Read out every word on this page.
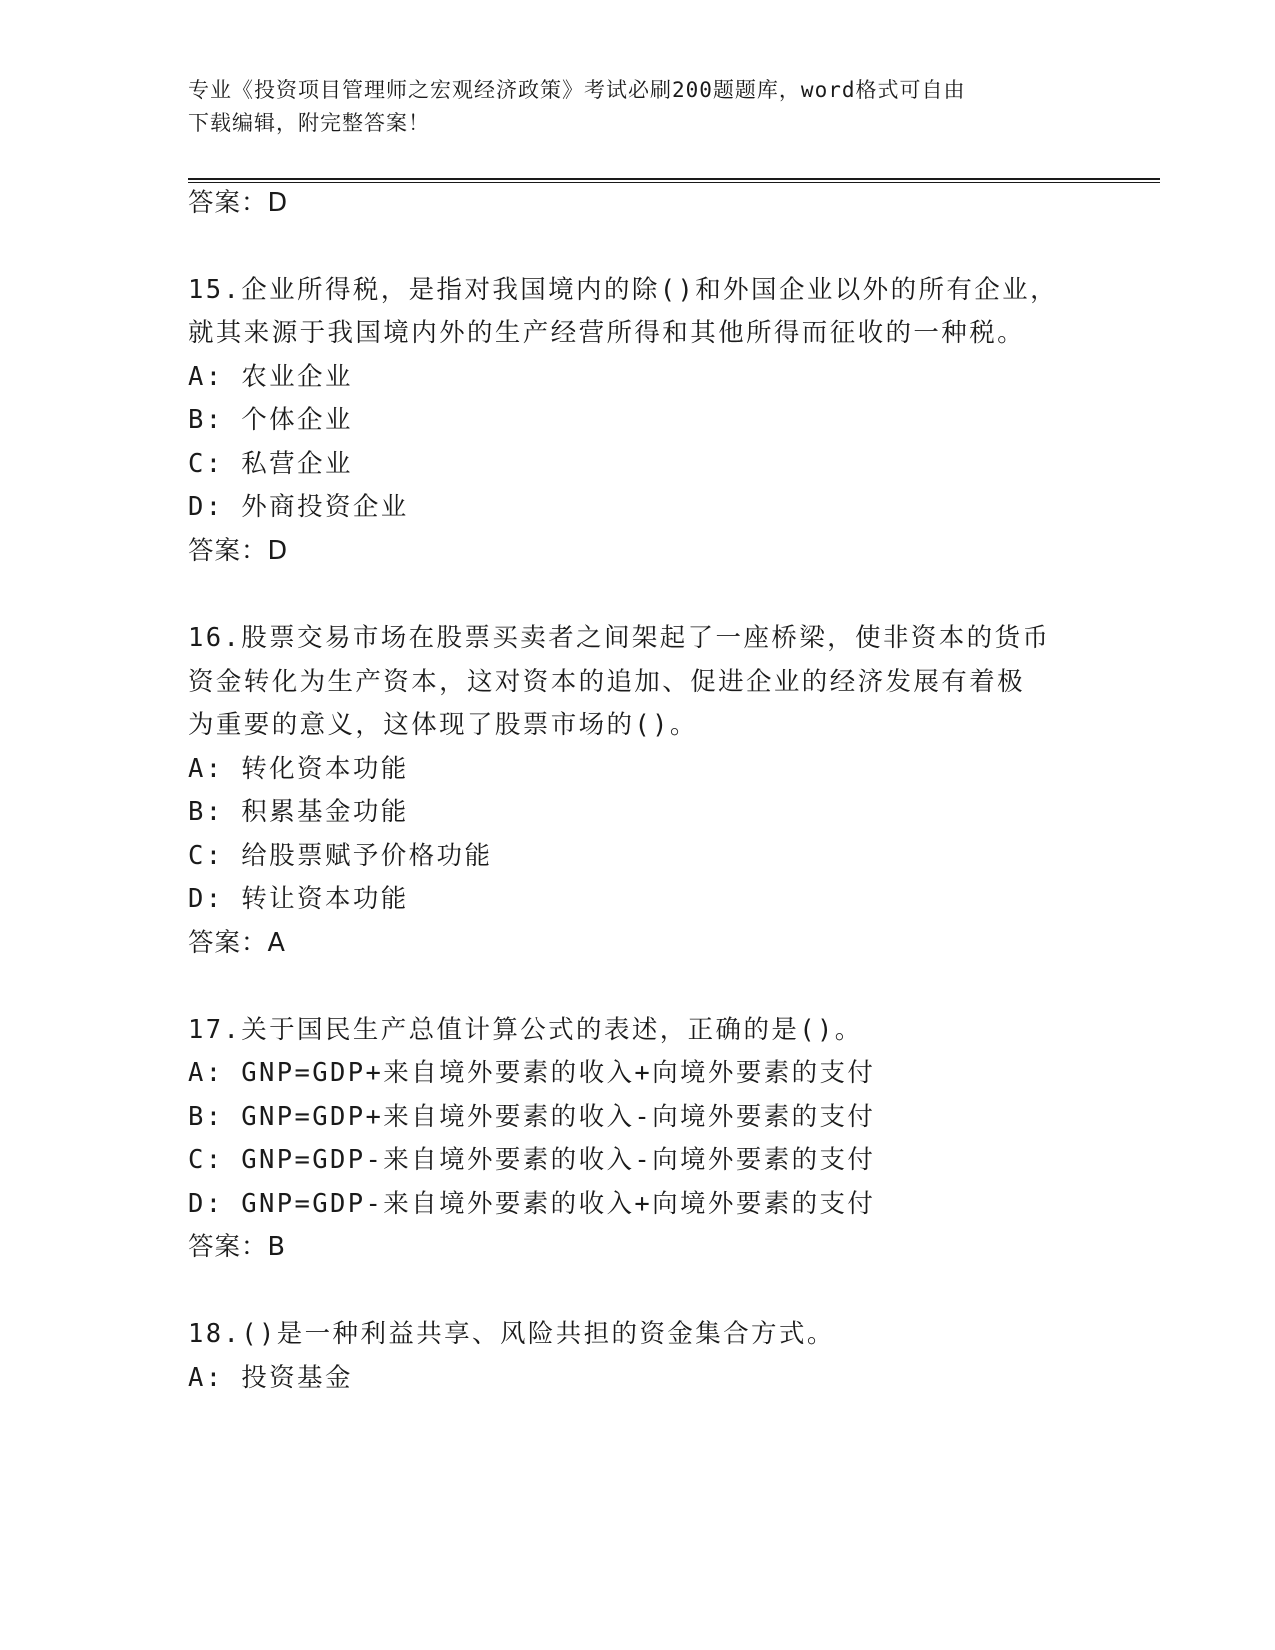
专业《投资项目管理师之宏观经济政策》考试必刷200题题库，word格式可自由
下载编辑，附完整答案！
答案：D
15.企业所得税，是指对我国境内的除()和外国企业以外的所有企业，
就其来源于我国境内外的生产经营所得和其他所得而征收的一种税。
A: 农业企业
B: 个体企业
C: 私营企业
D: 外商投资企业
答案：D
16.股票交易市场在股票买卖者之间架起了一座桥梁，使非资本的货币
资金转化为生产资本，这对资本的追加、促进企业的经济发展有着极
为重要的意义，这体现了股票市场的()。
A: 转化资本功能
B: 积累基金功能
C: 给股票赋予价格功能
D: 转让资本功能
答案：A
17.关于国民生产总值计算公式的表述，正确的是()。
A: GNP=GDP+来自境外要素的收入+向境外要素的支付
B: GNP=GDP+来自境外要素的收入-向境外要素的支付
C: GNP=GDP-来自境外要素的收入-向境外要素的支付
D: GNP=GDP-来自境外要素的收入+向境外要素的支付
答案：B
18.()是一种利益共享、风险共担的资金集合方式。
A: 投资基金
